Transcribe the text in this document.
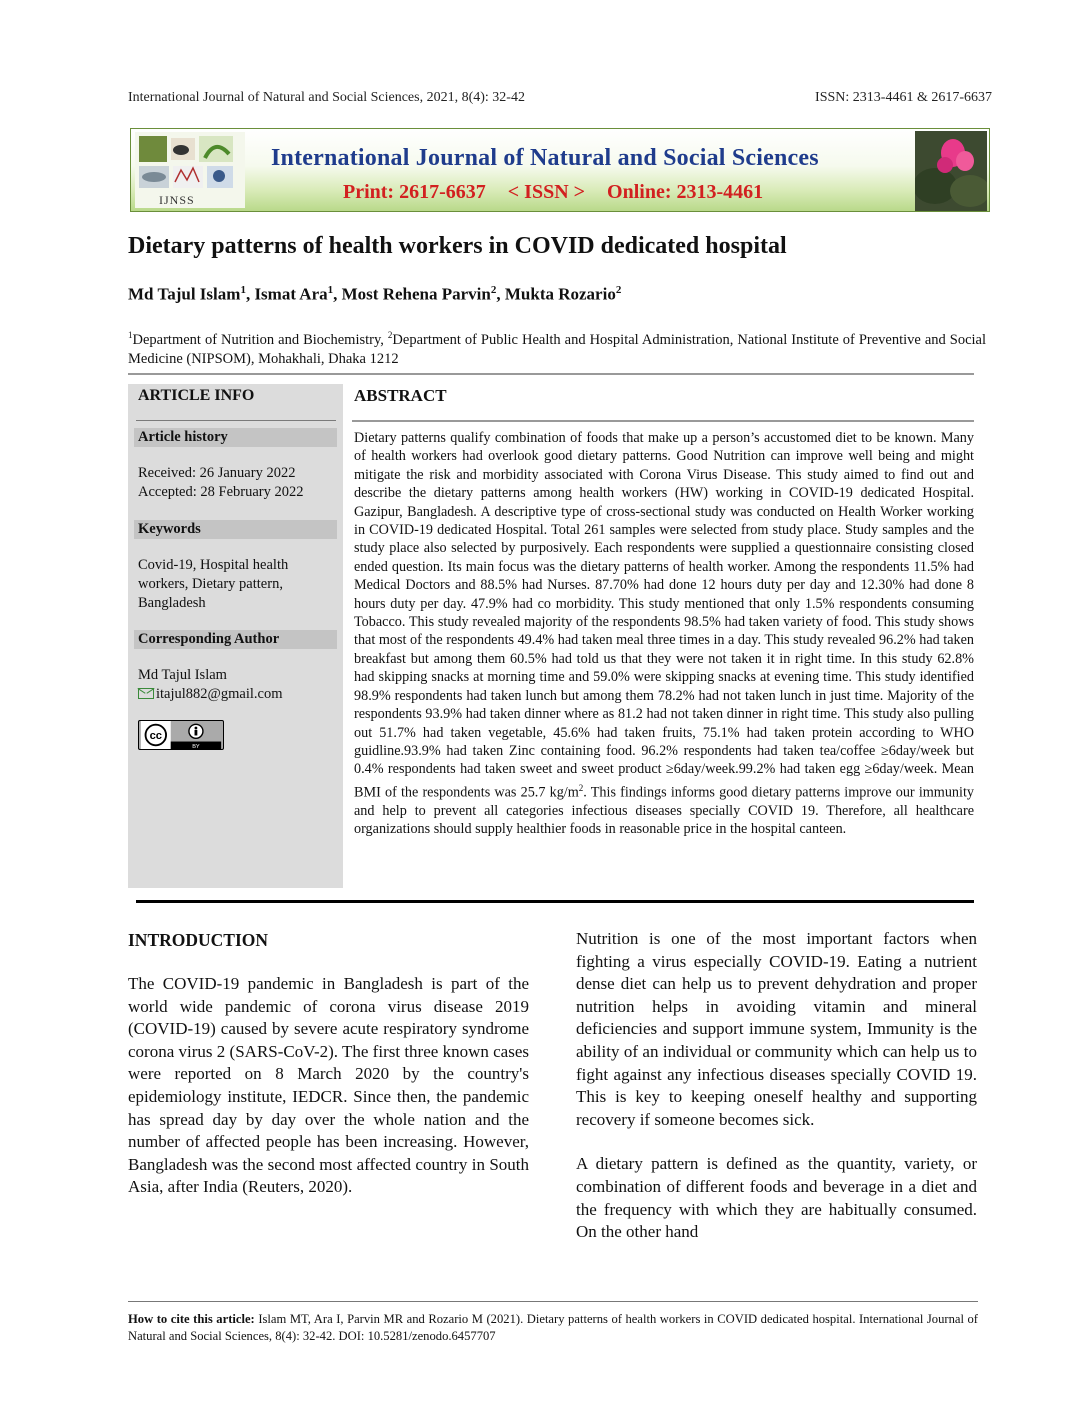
International Journal of Natural and Social Sciences, 2021, 8(4): 32-42	ISSN: 2313-4461 & 2617-6637
IJNSS
International Journal of Natural and Social Sciences
Print: 2617-6637 < ISSN > Online: 2313-4461
Dietary patterns of health workers in COVID dedicated hospital
Md Tajul Islam$^1$, Ismat Ara$^1$, Most Rehena Parvin$^2$, Mukta Rozario$^2$
$^1$Department of Nutrition and Biochemistry, $^2$Department of Public Health and Hospital Administration, National Institute of Preventive and Social Medicine (NIPSOM), Mohakhali, Dhaka 1212
ARTICLE INFO
Article history
Received: 26 January 2022
Accepted: 28 February 2022
Keywords
Covid-19, Hospital health workers, Dietary pattern, Bangladesh
Corresponding Author
Md Tajul Islam
itajul882@gmail.com
cc
BY
ABSTRACT
Dietary patterns qualify combination of foods that make up a person’s accustomed diet to be known. Many of health workers had overlook good dietary patterns. Good Nutrition can improve well being and might mitigate the risk and morbidity associated with Corona Virus Disease. This study aimed to find out and describe the dietary patterns among health workers (HW) working in COVID-19 dedicated Hospital. Gazipur, Bangladesh. A descriptive type of cross-sectional study was conducted on Health Worker working in COVID-19 dedicated Hospital. Total 261 samples were selected from study place. Study samples and the study place also selected by purposively. Each respondents were supplied a questionnaire consisting closed ended question. Its main focus was the dietary patterns of health worker. Among the respondents 11.5% had Medical Doctors and 88.5% had Nurses. 87.70% had done 12 hours duty per day and 12.30% had done 8 hours duty per day. 47.9% had co morbidity. This study mentioned that only 1.5% respondents consuming Tobacco. This study revealed majority of the respondents 98.5% had taken variety of food. This study shows that most of the respondents 49.4% had taken meal three times in a day. This study revealed 96.2% had taken breakfast but among them 60.5% had told us that they were not taken it in right time. In this study 62.8% had skipping snacks at morning time and 59.0% were skipping snacks at evening time. This study identified 98.9% respondents had taken lunch but among them 78.2% had not taken lunch in just time. Majority of the respondents 93.9% had taken dinner where as 81.2 had not taken dinner in right time. This study also pulling out 51.7% had taken vegetable, 45.6% had taken fruits, 75.1% had taken protein according to WHO guidline.93.9% had taken Zinc containing food. 96.2% respondents had taken tea/coffee ≥6day/week but 0.4% respondents had taken sweet and sweet product ≥6day/week.99.2% had taken egg ≥6day/week. Mean BMI of the respondents was 25.7 $kg/m^2$. This findings informs good dietary patterns improve our immunity and help to prevent all categories infectious diseases specially COVID 19. Therefore, all healthcare organizations should supply healthier foods in reasonable price in the hospital canteen.
INTRODUCTION
The COVID-19 pandemic in Bangladesh is part of the world wide pandemic of corona virus disease 2019 (COVID-19) caused by severe acute respiratory syndrome corona virus 2 (SARS-CoV-2). The first three known cases were reported on 8 March 2020 by the country's epidemiology institute, IEDCR. Since then, the pandemic has spread day by day over the whole nation and the number of affected people has been increasing. However, Bangladesh was the second most affected country in South Asia, after India (Reuters, 2020).

Nutrition is one of the most important factors when fighting a virus especially COVID-19. Eating a nutrient dense diet can help us to prevent dehydration and proper nutrition helps in avoiding vitamin and mineral deficiencies and support immune system, Immunity is the ability of an individual or community which can help us to fight against any infectious diseases specially COVID 19. This is key to keeping oneself healthy and supporting recovery if someone becomes sick.

A dietary pattern is defined as the quantity, variety, or combination of different foods and beverage in a diet and the frequency with which they are habitually consumed. On the other hand

How to cite this article: Islam MT, Ara I, Parvin MR and Rozario M (2021). Dietary patterns of health workers in COVID dedicated hospital. International Journal of Natural and Social Sciences, 8(4): 32-42. DOI: 10.5281/zenodo.6457707
